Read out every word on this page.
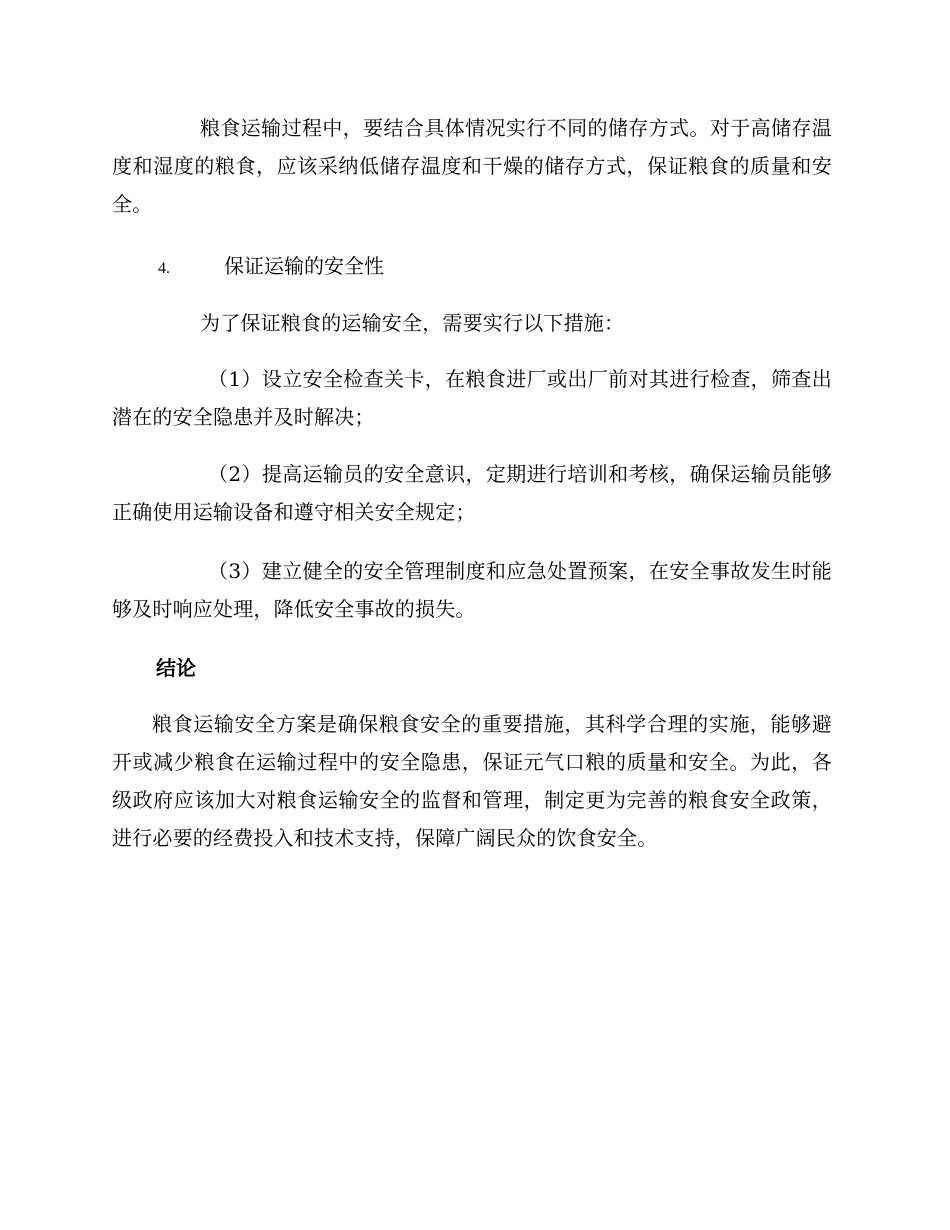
粮食运输过程中，要结合具体情况实行不同的储存方式。对于高储存温度和湿度的粮食，应该采纳低储存温度和干燥的储存方式，保证粮食的质量和安全。

4.	保证运输的安全性

为了保证粮食的运输安全，需要实行以下措施：

（1）设立安全检查关卡，在粮食进厂或出厂前对其进行检查，筛查出潜在的安全隐患并及时解决；

（2）提高运输员的安全意识，定期进行培训和考核，确保运输员能够正确使用运输设备和遵守相关安全规定；

（3）建立健全的安全管理制度和应急处置预案，在安全事故发生时能够及时响应处理，降低安全事故的损失。

结论

粮食运输安全方案是确保粮食安全的重要措施，其科学合理的实施，能够避开或减少粮食在运输过程中的安全隐患，保证元气口粮的质量和安全。为此，各级政府应该加大对粮食运输安全的监督和管理，制定更为完善的粮食安全政策，进行必要的经费投入和技术支持，保障广阔民众的饮食安全。
